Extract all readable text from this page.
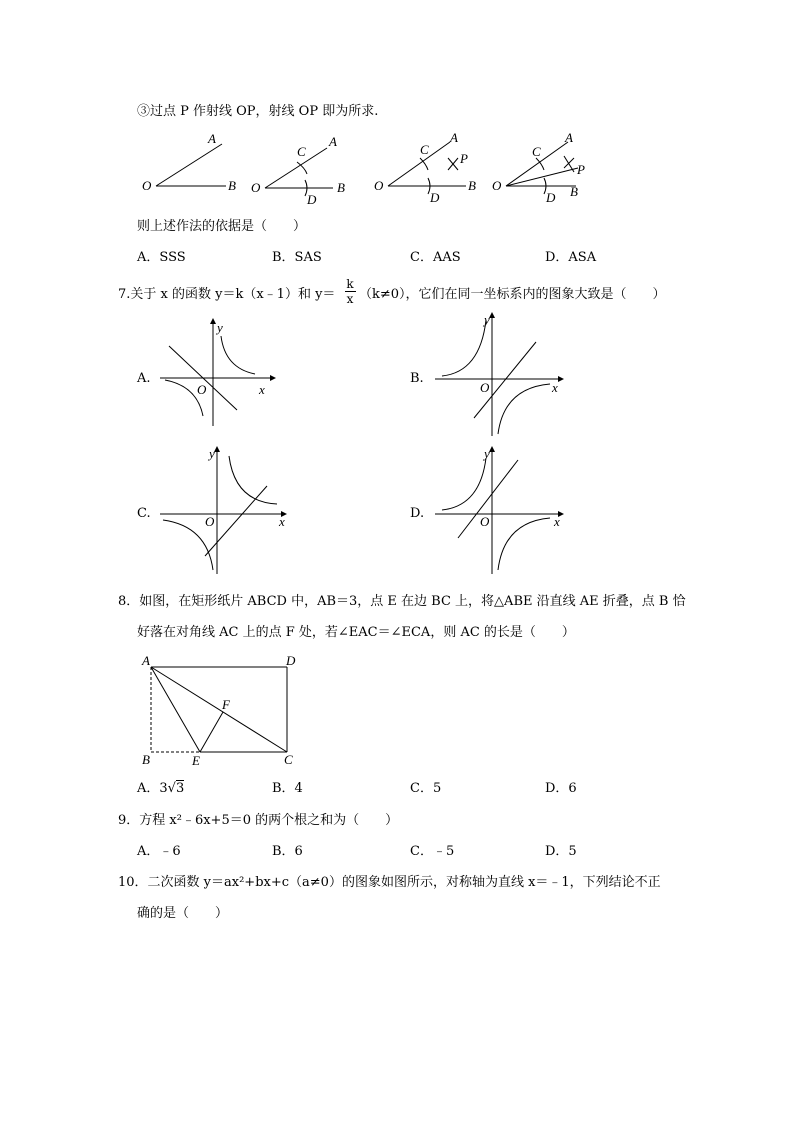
③过点 P 作射线 OP，射线 OP 即为所求.
A
O	B
C
A
O	B
D
C
A
P
O	B
D
C
A
P
O	B
D
则上述作法的依据是（　　）
A．SSS	B．SAS	C．AAS	D．ASA
7.关于 x 的函数 y＝k（x﹣1）和 y＝
k
x （k≠0），它们在同一坐标系内的图象大致是（　　）
A.
y
x
O
B.
y
x
O
C.
y
x
O
D.
y
x
O
8．如图，在矩形纸片 ABCD 中，AB＝3，点 E 在边 BC 上，将△ABE 沿直线 AE 折叠，点 B 恰
好落在对角线 AC 上的点 F 处，若∠EAC＝∠ECA，则 AC 的长是（　　）
A	D
F
B	E	C
A．3√3	B．4	C．5	D．6
9．方程 x²﹣6x+5＝0 的两个根之和为（　　）
A．﹣6	B．6	C．﹣5	D．5
10．二次函数 y＝ax²+bx+c（a≠0）的图象如图所示，对称轴为直线 x＝﹣1，下列结论不正
确的是（　　）
